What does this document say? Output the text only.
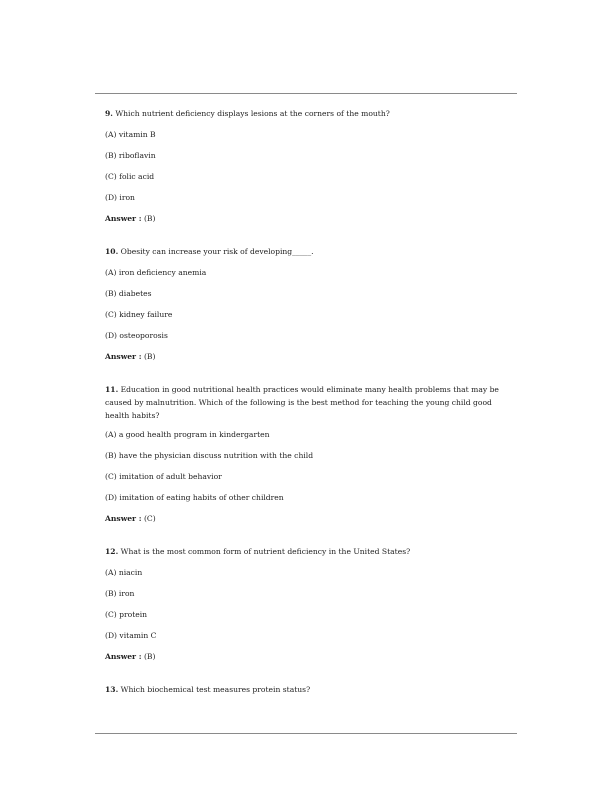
9. Which nutrient deficiency displays lesions at the corners of the mouth?

(A) vitamin B

(B) riboflavin

(C) folic acid

(D) iron

Answer : (B)

10. Obesity can increase your risk of developing_____.

(A) iron deficiency anemia

(B) diabetes

(C) kidney failure

(D) osteoporosis

Answer : (B)

11. Education in good nutritional health practices would eliminate many health problems that may be caused by malnutrition. Which of the following is the best method for teaching the young child good health habits?

(A) a good health program in kindergarten

(B) have the physician discuss nutrition with the child

(C) imitation of adult behavior

(D) imitation of eating habits of other children

Answer : (C)

12. What is the most common form of nutrient deficiency in the United States?

(A) niacin

(B) iron

(C) protein

(D) vitamin C

Answer : (B)

13. Which biochemical test measures protein status?
